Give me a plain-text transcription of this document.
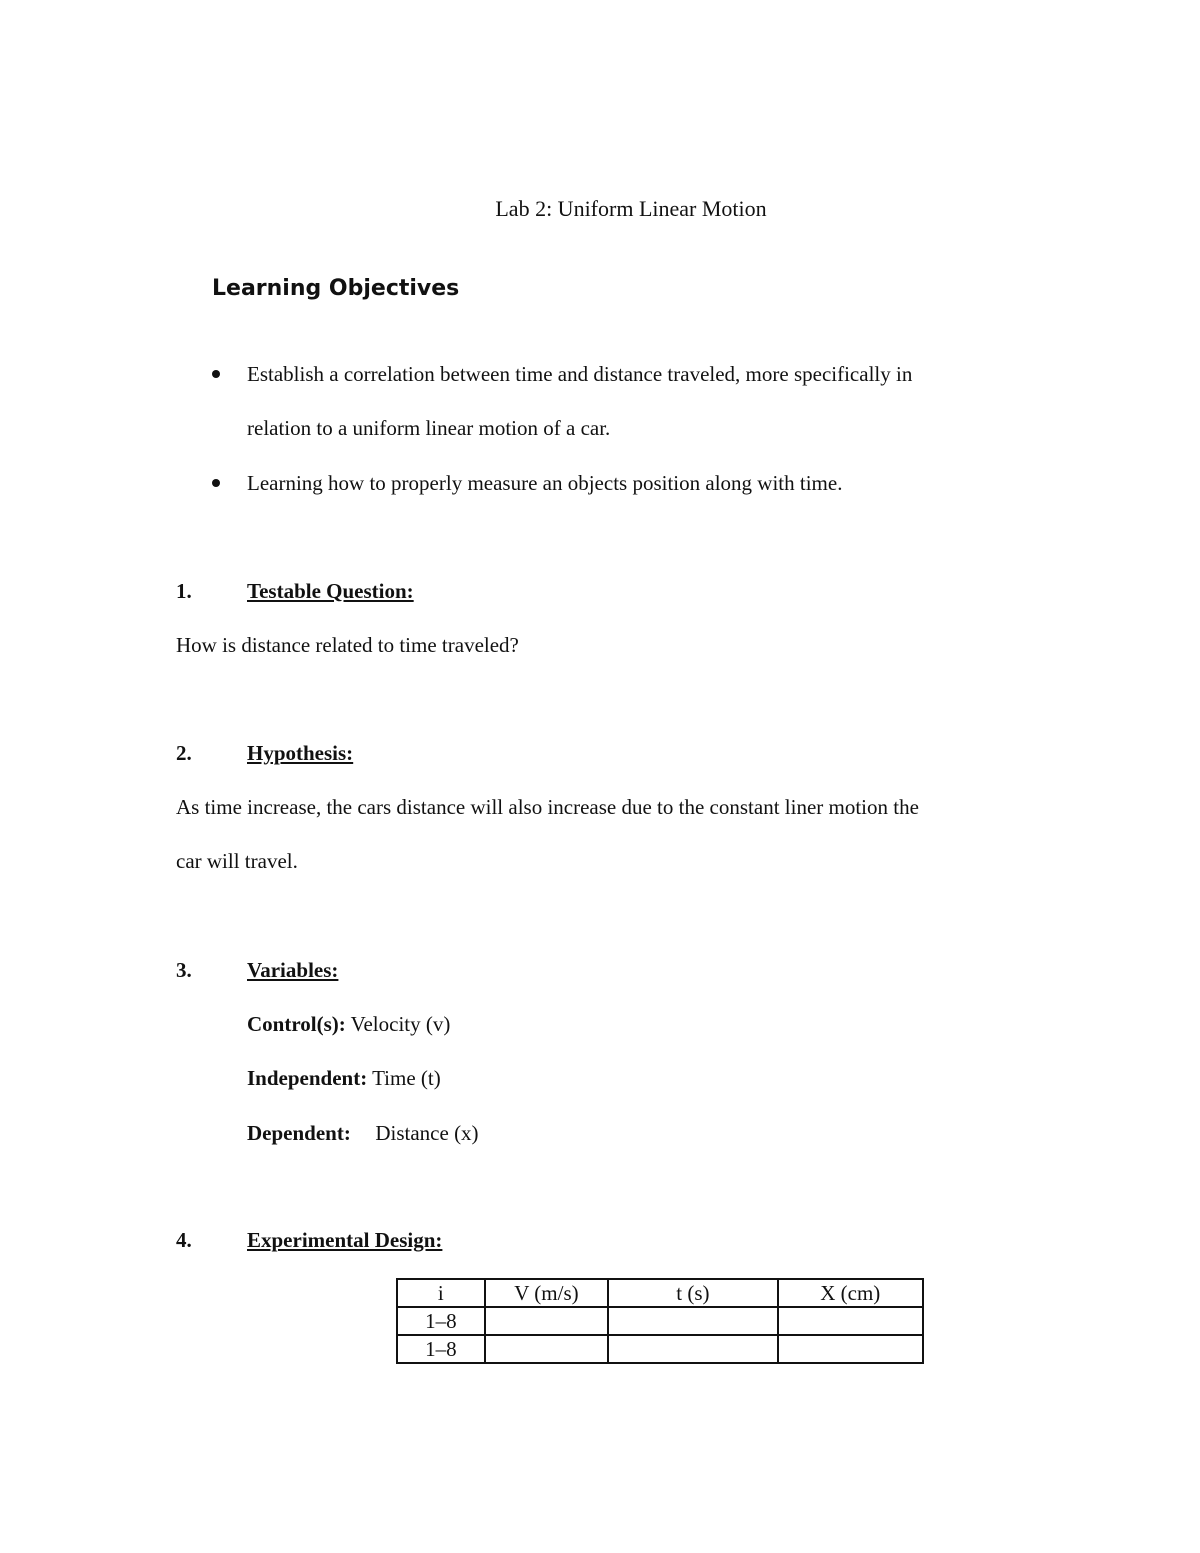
Lab 2: Uniform Linear Motion
Learning Objectives
Establish a correlation between time and distance traveled, more specifically in
relation to a uniform linear motion of a car.
Learning how to properly measure an objects position along with time.
1.	Testable Question:
How is distance related to time traveled?
2.	Hypothesis:
As time increase, the cars distance will also increase due to the constant liner motion the
car will travel.
3.	Variables:
Control(s): Velocity (v)
Independent: Time (t)
Dependent: Distance (x)
4.	Experimental Design:
i	V (m/s)	t (s)	X (cm)
1–8			
1–8			
